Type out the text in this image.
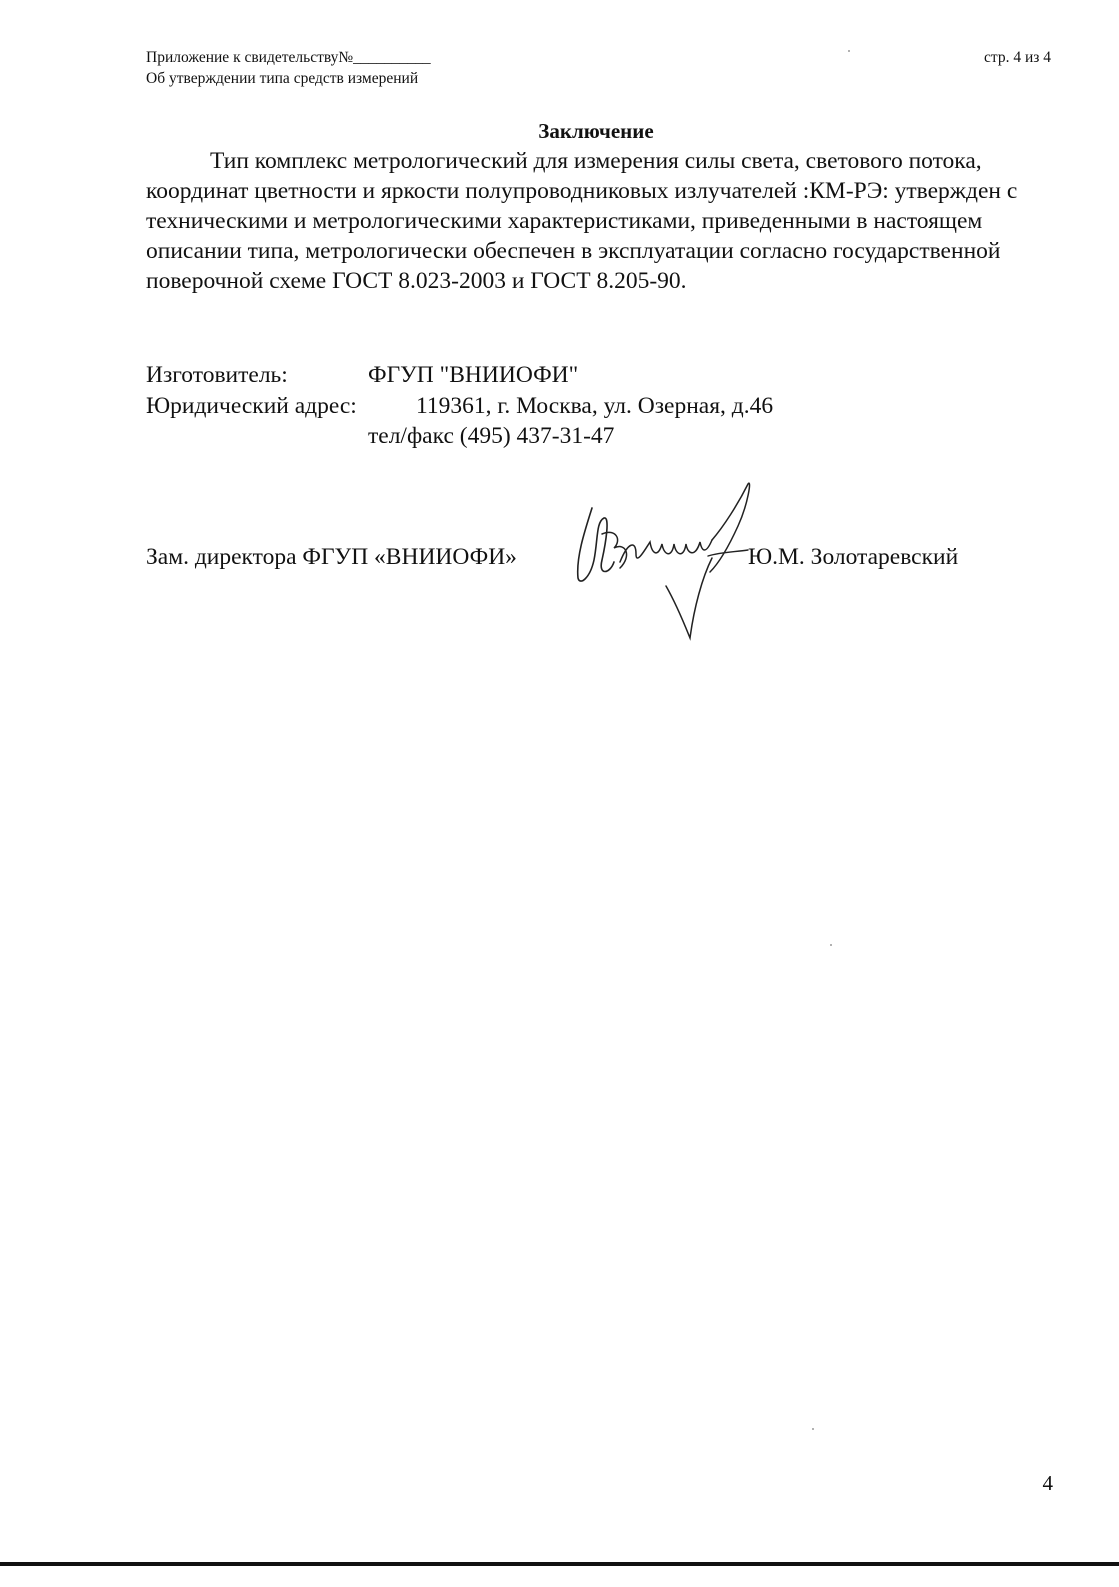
Приложение к свидетельству№__________
Об утверждении типа средств измерений
стр. 4 из 4
Заключение

Тип комплекс метрологический для измерения силы света, светового потока, координат цветности и яркости полупроводниковых излучателей :КМ-РЭ: утвержден с техническими и метрологическими характеристиками, приведенными в настоящем описании типа, метрологически обеспечен в эксплуатации согласно государственной поверочной схеме ГОСТ 8.023-2003 и ГОСТ 8.205-90.

Изготовитель:	ФГУП "ВНИИОФИ"
Юридический адрес:	119361, г. Москва, ул. Озерная, д.46
тел/факс (495) 437-31-47
Зам. директора ФГУП «ВНИИОФИ»	Ю.М. Золотаревский
4
